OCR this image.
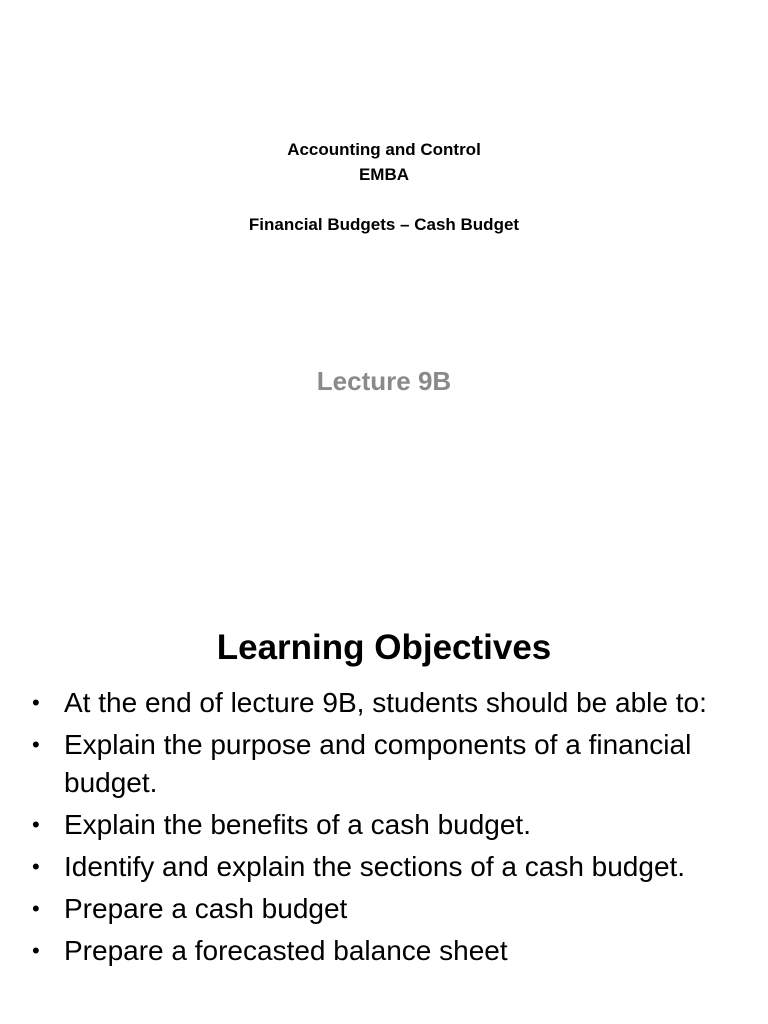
Accounting and Control
EMBA
Financial Budgets – Cash Budget
Lecture 9B
Learning Objectives
• At the end of lecture 9B, students should be able to:
• Explain the purpose and components of a financial budget.
• Explain the benefits of a cash budget.
• Identify and explain the sections of a cash budget.
• Prepare a cash budget
• Prepare a forecasted balance sheet
